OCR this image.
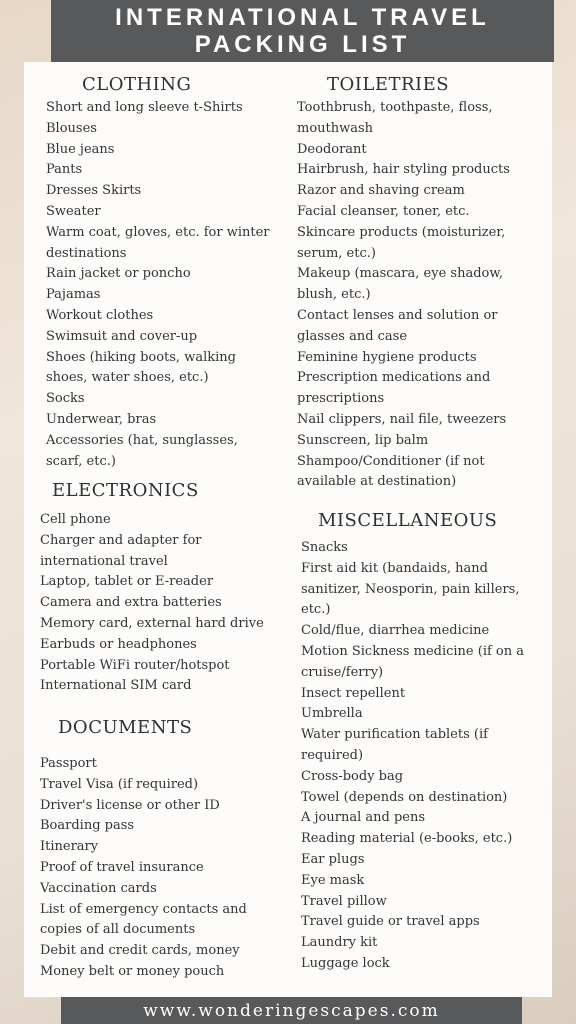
INTERNATIONAL TRAVEL
PACKING LIST
CLOTHING
Short and long sleeve t-Shirts
Blouses
Blue jeans
Pants
Dresses Skirts
Sweater
Warm coat, gloves, etc. for winter destinations
Rain jacket or poncho
Pajamas
Workout clothes
Swimsuit and cover-up
Shoes (hiking boots, walking shoes, water shoes, etc.)
Socks
Underwear, bras
Accessories (hat, sunglasses, scarf, etc.)
TOILETRIES
Toothbrush, toothpaste, floss, mouthwash
Deodorant
Hairbrush, hair styling products
Razor and shaving cream
Facial cleanser, toner, etc.
Skincare products (moisturizer, serum, etc.)
Makeup (mascara, eye shadow, blush, etc.)
Contact lenses and solution or glasses and case
Feminine hygiene products
Prescription medications and prescriptions
Nail clippers, nail file, tweezers
Sunscreen, lip balm
Shampoo/Conditioner (if not available at destination)
ELECTRONICS
Cell phone
Charger and adapter for international travel
Laptop, tablet or E-reader
Camera and extra batteries
Memory card, external hard drive
Earbuds or headphones
Portable WiFi router/hotspot
International SIM card
MISCELLANEOUS
Snacks
First aid kit (bandaids, hand sanitizer, Neosporin, pain killers, etc.)
Cold/flue, diarrhea medicine
Motion Sickness medicine (if on a cruise/ferry)
Insect repellent
Umbrella
Water purification tablets (if required)
Cross-body bag
Towel (depends on destination)
A journal and pens
Reading material (e-books, etc.)
Ear plugs
Eye mask
Travel pillow
Travel guide or travel apps
Laundry kit
Luggage lock
DOCUMENTS
Passport
Travel Visa (if required)
Driver's license or other ID
Boarding pass
Itinerary
Proof of travel insurance
Vaccination cards
List of emergency contacts and copies of all documents
Debit and credit cards, money
Money belt or money pouch
www.wonderingescapes.com
